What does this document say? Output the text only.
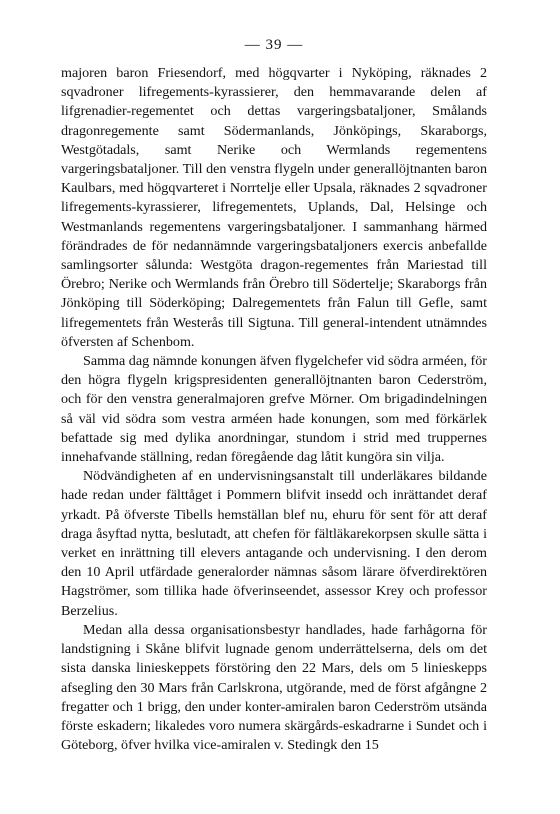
— 39 —

majoren baron Friesendorf, med högqvarter i Nyköping, räknades 2 sqvadroner lifregements-kyrassierer, den hemmavarande delen af lifgrenadier-regementet och dettas vargeringsbataljoner, Smålands dragonregemente samt Södermanlands, Jönköpings, Skaraborgs, Westgötadals, samt Nerike och Wermlands regementens vargeringsbataljoner. Till den venstra flygeln under generallöjtnanten baron Kaulbars, med högqvarteret i Norrtelje eller Upsala, räknades 2 sqvadroner lifregements-kyrassierer, lifregementets, Uplands, Dal, Helsinge och Westmanlands regementens vargeringsbataljoner. I sammanhang härmed förändrades de för nedannämnde vargeringsbataljoners exercis anbefallde samlingsorter sålunda: Westgöta dragon-regementes från Mariestad till Örebro; Nerike och Wermlands från Örebro till Södertelje; Skaraborgs från Jönköping till Söderköping; Dalregementets från Falun till Gefle, samt lifregementets från Westerås till Sigtuna. Till general-intendent utnämndes öfversten af Schenbom.

Samma dag nämnde konungen äfven flygelchefer vid södra arméen, för den högra flygeln krigspresidenten generallöjtnanten baron Cederström, och för den venstra generalmajoren grefve Mörner. Om brigadindelningen så väl vid södra som vestra arméen hade konungen, som med förkärlek befattade sig med dylika anordningar, stundom i strid med truppernes innehafvande ställning, redan föregående dag låtit kungöra sin vilja.

Nödvändigheten af en undervisningsanstalt till underläkares bildande hade redan under fälttåget i Pommern blifvit insedd och inrättandet deraf yrkadt. På öfverste Tibells hemställan blef nu, ehuru för sent för att deraf draga åsyftad nytta, beslutadt, att chefen för fältläkarekorpsen skulle sätta i verket en inrättning till elevers antagande och undervisning. I den derom den 10 April utfärdade generalorder nämnas såsom lärare öfverdirektören Hagströmer, som tillika hade öfverinseendet, assessor Krey och professor Berzelius.

Medan alla dessa organisationsbestyr handlades, hade farhågorna för landstigning i Skåne blifvit lugnade genom underrättelserna, dels om det sista danska linieskeppets förstöring den 22 Mars, dels om 5 linieskepps afsegling den 30 Mars från Carlskrona, utgörande, med de först afgångne 2 fregatter och 1 brigg, den under konter-amiralen baron Cederström utsända förste eskadern; likaledes voro numera skärgårds-eskadrarne i Sundet och i Göteborg, öfver hvilka vice-amiralen v. Stedingk den 15
